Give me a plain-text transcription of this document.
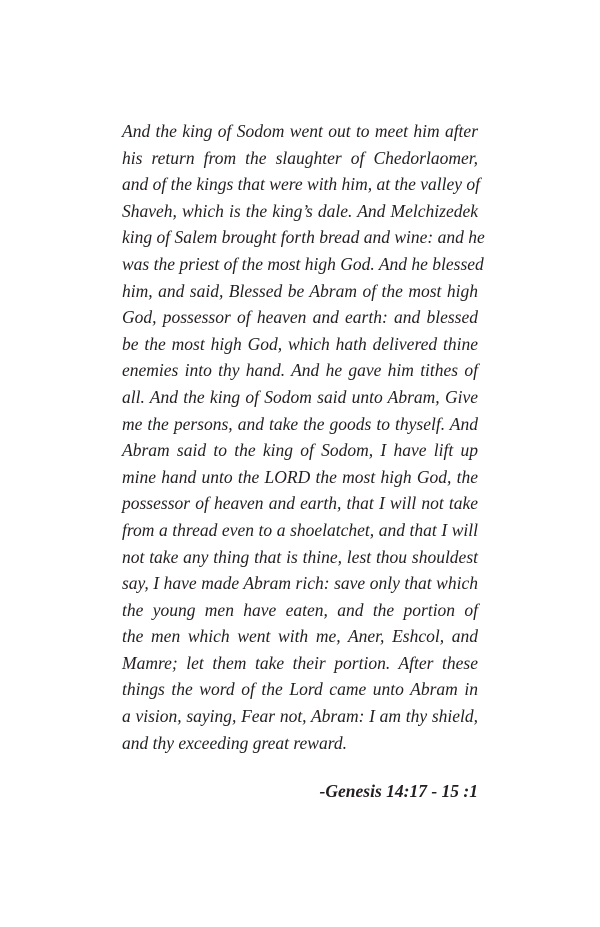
And the king of Sodom went out to meet him after
his return from the slaughter of Chedorlaomer,
and of the kings that were with him, at the valley of
Shaveh, which is the king’s dale. And Melchizedek
king of Salem brought forth bread and wine: and he
was the priest of the most high God. And he blessed
him, and said, Blessed be Abram of the most high
God, possessor of heaven and earth: and blessed
be the most high God, which hath delivered thine
enemies into thy hand. And he gave him tithes of
all. And the king of Sodom said unto Abram, Give
me the persons, and take the goods to thyself. And
Abram said to the king of Sodom, I have lift up
mine hand unto the LORD the most high God, the
possessor of heaven and earth, that I will not take
from a thread even to a shoelatchet, and that I will
not take any thing that is thine, lest thou shouldest
say, I have made Abram rich: save only that which
the young men have eaten, and the portion of
the men which went with me, Aner, Eshcol, and
Mamre; let them take their portion. After these
things the word of the Lord came unto Abram in
a vision, saying, Fear not, Abram: I am thy shield,
and thy exceeding great reward.

-Genesis 14:17 - 15 :1
